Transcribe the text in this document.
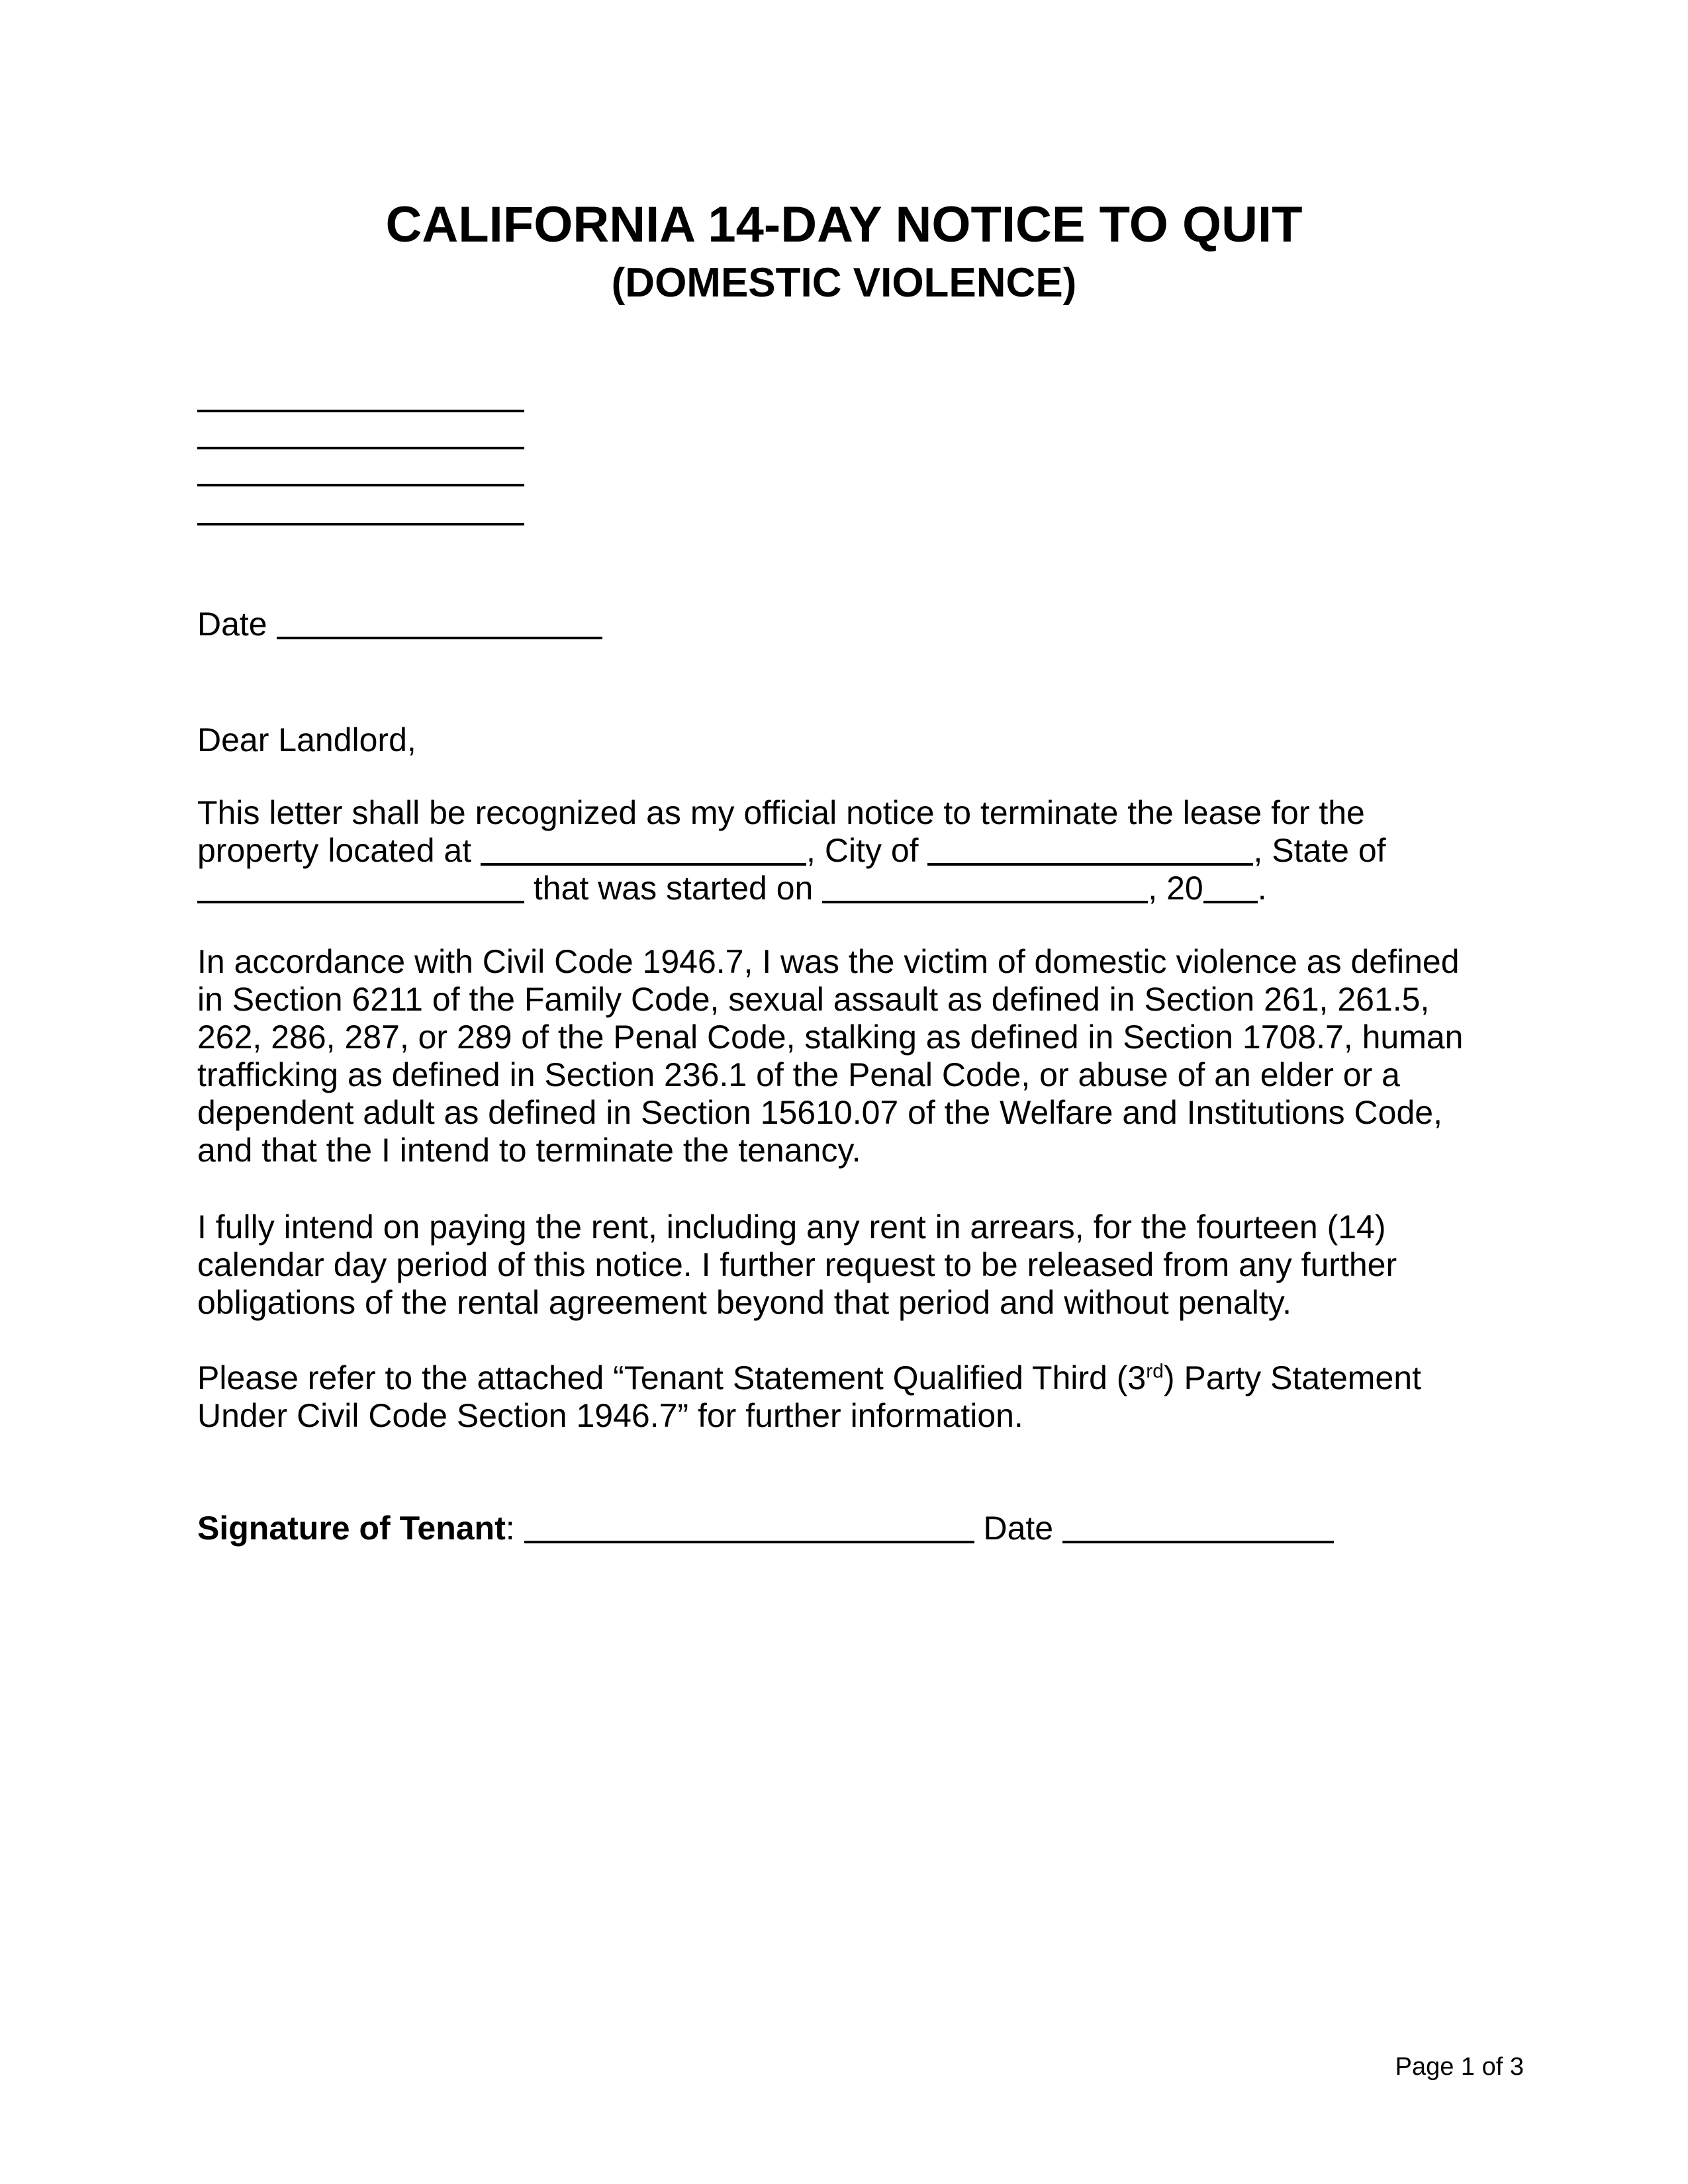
CALIFORNIA 14-DAY NOTICE TO QUIT
(DOMESTIC VIOLENCE)
Date
Dear Landlord,
This letter shall be recognized as my official notice to terminate the lease for the
property located at	, City of	, State of
that was started on	, 20 .
In accordance with Civil Code 1946.7, I was the victim of domestic violence as defined
in Section 6211 of the Family Code, sexual assault as defined in Section 261, 261.5,
262, 286, 287, or 289 of the Penal Code, stalking as defined in Section 1708.7, human
trafficking as defined in Section 236.1 of the Penal Code, or abuse of an elder or a
dependent adult as defined in Section 15610.07 of the Welfare and Institutions Code,
and that the I intend to terminate the tenancy.
I fully intend on paying the rent, including any rent in arrears, for the fourteen (14)
calendar day period of this notice. I further request to be released from any further
obligations of the rental agreement beyond that period and without penalty.
Please refer to the attached “Tenant Statement Qualified Third (3rd) Party Statement
Under Civil Code Section 1946.7” for further information.
Signature of Tenant:	Date
Page 1 of 3
